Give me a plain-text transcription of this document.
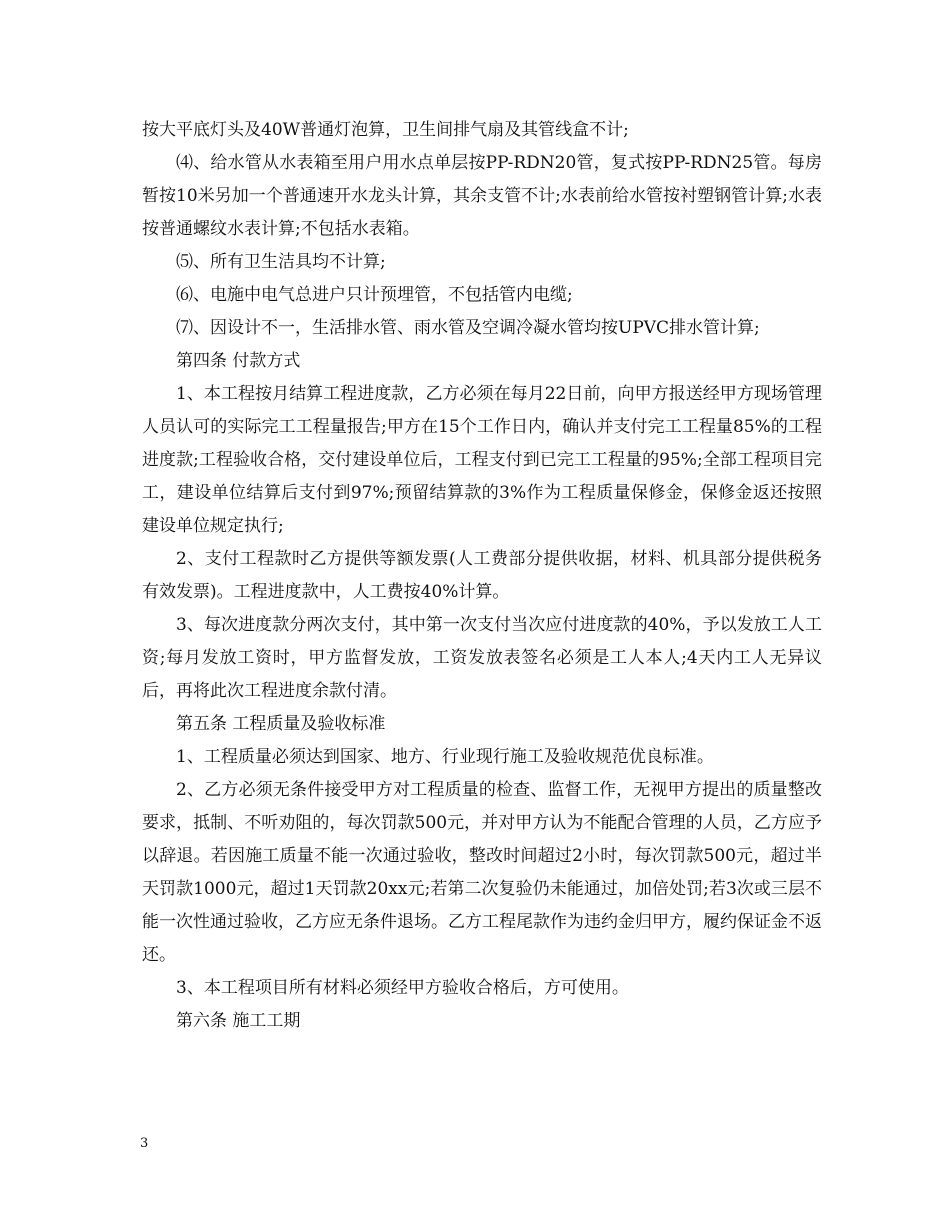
按大平底灯头及40W普通灯泡算，卫生间排气扇及其管线盒不计;

⑷、给水管从水表箱至用户用水点单层按PP-RDN20管，复式按PP-RDN25管。每房暂按10米另加一个普通速开水龙头计算，其余支管不计;水表前给水管按衬塑钢管计算;水表按普通螺纹水表计算;不包括水表箱。

⑸、所有卫生洁具均不计算;

⑹、电施中电气总进户只计预埋管，不包括管内电缆;

⑺、因设计不一，生活排水管、雨水管及空调冷凝水管均按UPVC排水管计算;

第四条 付款方式

1、本工程按月结算工程进度款，乙方必须在每月22日前，向甲方报送经甲方现场管理人员认可的实际完工工程量报告;甲方在15个工作日内，确认并支付完工工程量85%的工程进度款;工程验收合格，交付建设单位后，工程支付到已完工工程量的95%;全部工程项目完工，建设单位结算后支付到97%;预留结算款的3%作为工程质量保修金，保修金返还按照建设单位规定执行;

2、支付工程款时乙方提供等额发票(人工费部分提供收据，材料、机具部分提供税务有效发票)。工程进度款中，人工费按40%计算。

3、每次进度款分两次支付，其中第一次支付当次应付进度款的40%，予以发放工人工资;每月发放工资时，甲方监督发放，工资发放表签名必须是工人本人;4天内工人无异议后，再将此次工程进度余款付清。

第五条 工程质量及验收标准

1、工程质量必须达到国家、地方、行业现行施工及验收规范优良标准。

2、乙方必须无条件接受甲方对工程质量的检查、监督工作，无视甲方提出的质量整改要求，抵制、不听劝阻的，每次罚款500元，并对甲方认为不能配合管理的人员，乙方应予以辞退。若因施工质量不能一次通过验收，整改时间超过2小时，每次罚款500元，超过半天罚款1000元，超过1天罚款20xx元;若第二次复验仍未能通过，加倍处罚;若3次或三层不能一次性通过验收，乙方应无条件退场。乙方工程尾款作为违约金归甲方，履约保证金不返还。

3、本工程项目所有材料必须经甲方验收合格后，方可使用。

第六条 施工工期

3
